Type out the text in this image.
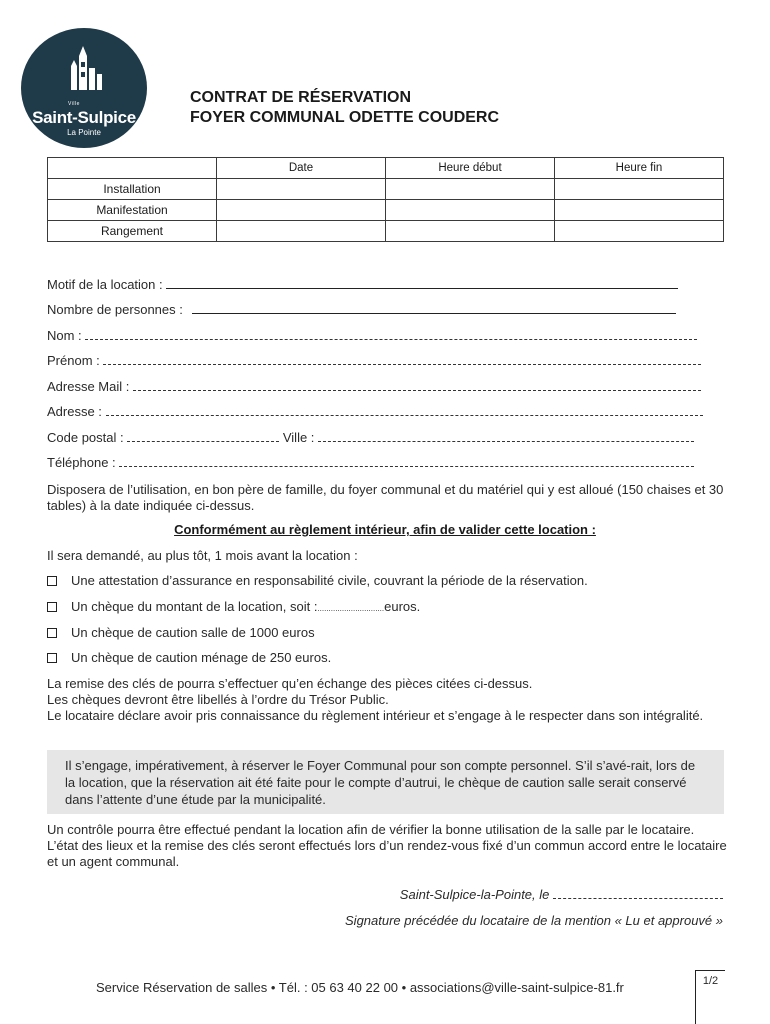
Ville
Saint-Sulpice
La Pointe
CONTRAT DE RÉSERVATION
FOYER COMMUNAL ODETTE COUDERC
	Date	Heure début	Heure fin
Installation			
Manifestation			
Rangement			
Motif de la location :
Nombre de personnes :
Nom :
Prénom :
Adresse Mail :
Adresse :
Code postal :	Ville :
Téléphone :
Disposera de l’utilisation, en bon père de famille, du foyer communal et du matériel qui y est alloué (150 chaises et 30 tables) à la date indiquée ci-dessus.
Conformément au règlement intérieur, afin de valider cette location :
Il sera demandé, au plus tôt, 1 mois avant la location :
Une attestation d’assurance en responsabilité civile, couvrant la période de la réservation.
Un chèque du montant de la location, soit :..............................euros.
Un chèque de caution salle de 1000 euros
Un chèque de caution ménage de 250 euros.
La remise des clés de pourra s’effectuer qu’en échange des pièces citées ci-dessus.
Les chèques devront être libellés à l’ordre du Trésor Public.
Le locataire déclare avoir pris connaissance du règlement intérieur et s’engage à le respecter dans son intégralité.
Il s’engage, impérativement, à réserver le Foyer Communal pour son compte personnel. S’il s’avé-rait, lors de la location, que la réservation ait été faite pour le compte d’autrui, le chèque de caution salle serait conservé dans l’attente d’une étude par la municipalité.
Un contrôle pourra être effectué pendant la location afin de vérifier la bonne utilisation de la salle par le locataire.
L’état des lieux et la remise des clés seront effectués lors d’un rendez-vous fixé d’un commun accord entre le locataire et un agent communal.
Saint-Sulpice-la-Pointe, le
Signature précédée du locataire de la mention « Lu et approuvé »
Service Réservation de salles • Tél. : 05 63 40 22 00 • associations@ville-saint-sulpice-81.fr	1/2
